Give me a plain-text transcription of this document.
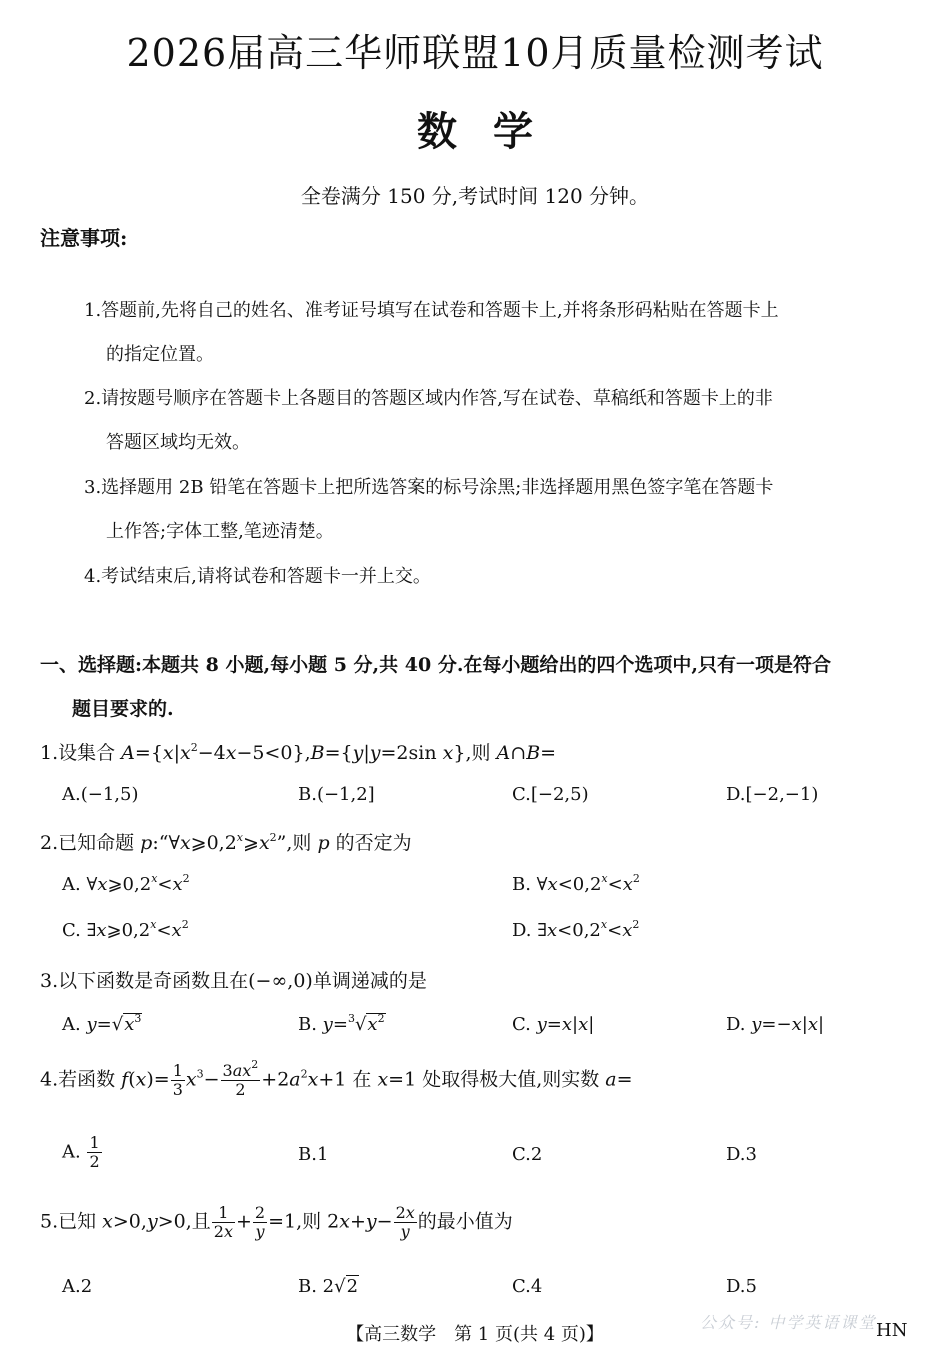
2026届高三华师联盟10月质量检测考试
数学
全卷满分 150 分,考试时间 120 分钟。
注意事项:
1.答题前,先将自己的姓名、准考证号填写在试卷和答题卡上,并将条形码粘贴在答题卡上
的指定位置。
2.请按题号顺序在答题卡上各题目的答题区域内作答,写在试卷、草稿纸和答题卡上的非
答题区域均无效。
3.选择题用 2B 铅笔在答题卡上把所选答案的标号涂黑;非选择题用黑色签字笔在答题卡
上作答;字体工整,笔迹清楚。
4.考试结束后,请将试卷和答题卡一并上交。
一、选择题:本题共 8 小题,每小题 5 分,共 40 分.在每小题给出的四个选项中,只有一项是符合
题目要求的.
1.设集合 $A=\{x|x^2-4x-5<0\},B=\{y|y=2\sin$ x},则 A∩B=
A.(−1,5)	B.(−1,2]	C.[−2,5)	D.[−2,−1)
2.已知命题 $p:“\forall x⩾0,2^x⩾x^2$”,则 p 的否定为
A. $\forall x⩾0,2^x<x^2$	B. $\forall x<0,2^x<x^2$
C. $\exists x⩾0,2^x<x^2$	D. $\exists x<0,2^x<x^2$
3.以下函数是奇函数且在(−∞,0)单调递减的是
A. $y=√x^3$	B. $y=^3√x^2$	C. y=x|x|	D. y=−x|x|
4.若函数 $f(x)= \frac{1}{3} x^3- \frac{3ax^2}{2} +2a^2x+1$ 在 x=1 处取得极大值,则实数 a=
A. $\frac{1}{2}$	B.1	C.2	D.3
5.已知 x>0,y>0,且 $\frac{1}{2x} + \frac{2}{y} =1$,则 $2x+y- \frac{2x}{y}$ 的最小值为
A.2	B. 2√2	C.4	D.5
【高三数学　第 1 页(共 4 页)】
公众号: 中学英语课堂 HN
